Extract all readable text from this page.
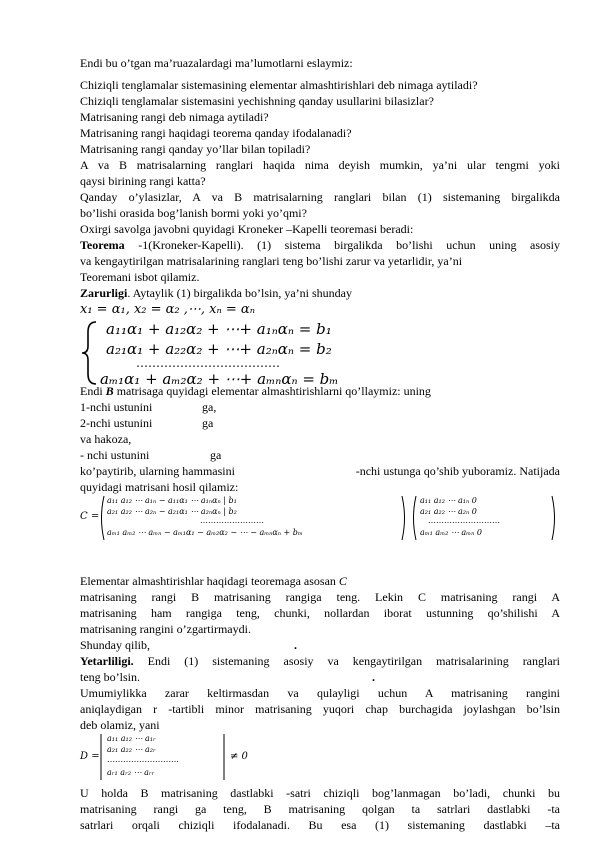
Endi bu o’tgan ma’ruazalardagi ma’lumotlarni eslaymiz:
Chiziqli tenglamalar sistemasining elementar almashtirishlari deb nimaga aytiladi?
Chiziqli tenglamalar sistemasini yechishning qanday usullarini bilasizlar?
Matrisaning rangi deb nimaga aytiladi?
Matrisaning rangi haqidagi teorema qanday ifodalanadi?
Matrisaning rangi qanday yo’llar bilan topiladi?
A va B matrisalarning ranglari haqida nima deyish mumkin, ya’ni ular tengmi yoki
qaysi birining rangi katta?
Qanday o’ylasizlar, A va B matrisalarning ranglari bilan (1) sistemaning birgalikda
bo’lishi orasida bog’lanish bormi yoki yo’qmi?
Oxirgi savolga javobni quyidagi Kroneker –Kapelli teoremasi beradi:
Teorema -1(Kroneker-Kapelli). (1) sistema birgalikda bo’lishi uchun uning asosiy
va kengaytirilgan matrisalarining ranglari teng bo’lishi zarur va yetarlidir, ya’ni
Teoremani isbot qilamiz.
Zarurligi. Aytaylik (1) birgalikda bo’lsin, ya’ni shunday
x₁ = α₁, x₂ = α₂ ,⋯, xₙ = αₙ
a₁₁α₁ + a₁₂α₂ + ⋯+ a₁ₙαₙ = b₁
a₂₁α₁ + a₂₂α₂ + ⋯+ a₂ₙαₙ = b₂
………………………………
aₘ₁α₁ + aₘ₂α₂ + ⋯+ aₘₙαₙ = bₘ
Endi B matrisaga quyidagi elementar almashtirishlarni qo’llaymiz: uning
1-nchi ustunini	ga,
2-nchi ustunini	ga
va hakoza,
- nchi ustunini	ga
ko’paytirib, ularning hammasini	-nchi ustunga qo’shib yuboramiz. Natijada
quyidagi matrisani hosil qilamiz:
C =
a₁₁ a₁₂ ⋯ a₁ₙ − a₁₁α₁ ⋯ a₁ₙαₙ | b₁
a₂₁ a₂₂ ⋯ a₂ₙ − a₂₁α₁ ⋯ a₂ₙαₙ | b₂
……………………
aₘ₁ aₘ₂ ⋯ aₘₙ − aₘ₁α₁ − aₘ₂α₂ − ⋯ − aₘₙαₙ + bₘ
a₁₁ a₁₂ ⋯ a₁ₙ 0
a₂₁ a₂₂ ⋯ a₂ₙ 0
………………………
aₘ₁ aₘ₂ ⋯ aₘₙ 0
Elementar almashtirishlar haqidagi teoremaga asosan C
matrisaning rangi B matrisaning rangiga teng. Lekin C matrisaning rangi A
matrisaning ham rangiga teng, chunki, nollardan iborat ustunning qo’shilishi A
matrisaning rangini o’zgartirmaydi.
Shunday qilib,	.
Yetarliligi. Endi (1) sistemaning asosiy va kengaytirilgan matrisalarining ranglari
teng bo’lsin.	.
Umumiylikka zarar keltirmasdan va qulayligi uchun A matrisaning rangini
aniqlaydigan r -tartibli minor matrisaning yuqori chap burchagida joylashgan bo’lsin
deb olamiz, yani
D =
a₁₁ a₁₂ ⋯ a₁ᵣ
a₂₁ a₂₂ ⋯ a₂ᵣ
………………………
aᵣ₁ aᵣ₂ ⋯ aᵣᵣ
≠ 0
U holda B matrisaning dastlabki -satri chiziqli bog’lanmagan bo’ladi, chunki bu
matrisaning rangi ga teng, B matrisaning qolgan ta satrlari dastlabki -ta
satrlari orqali chiziqli ifodalanadi. Bu esa (1) sistemaning dastlabki –ta
